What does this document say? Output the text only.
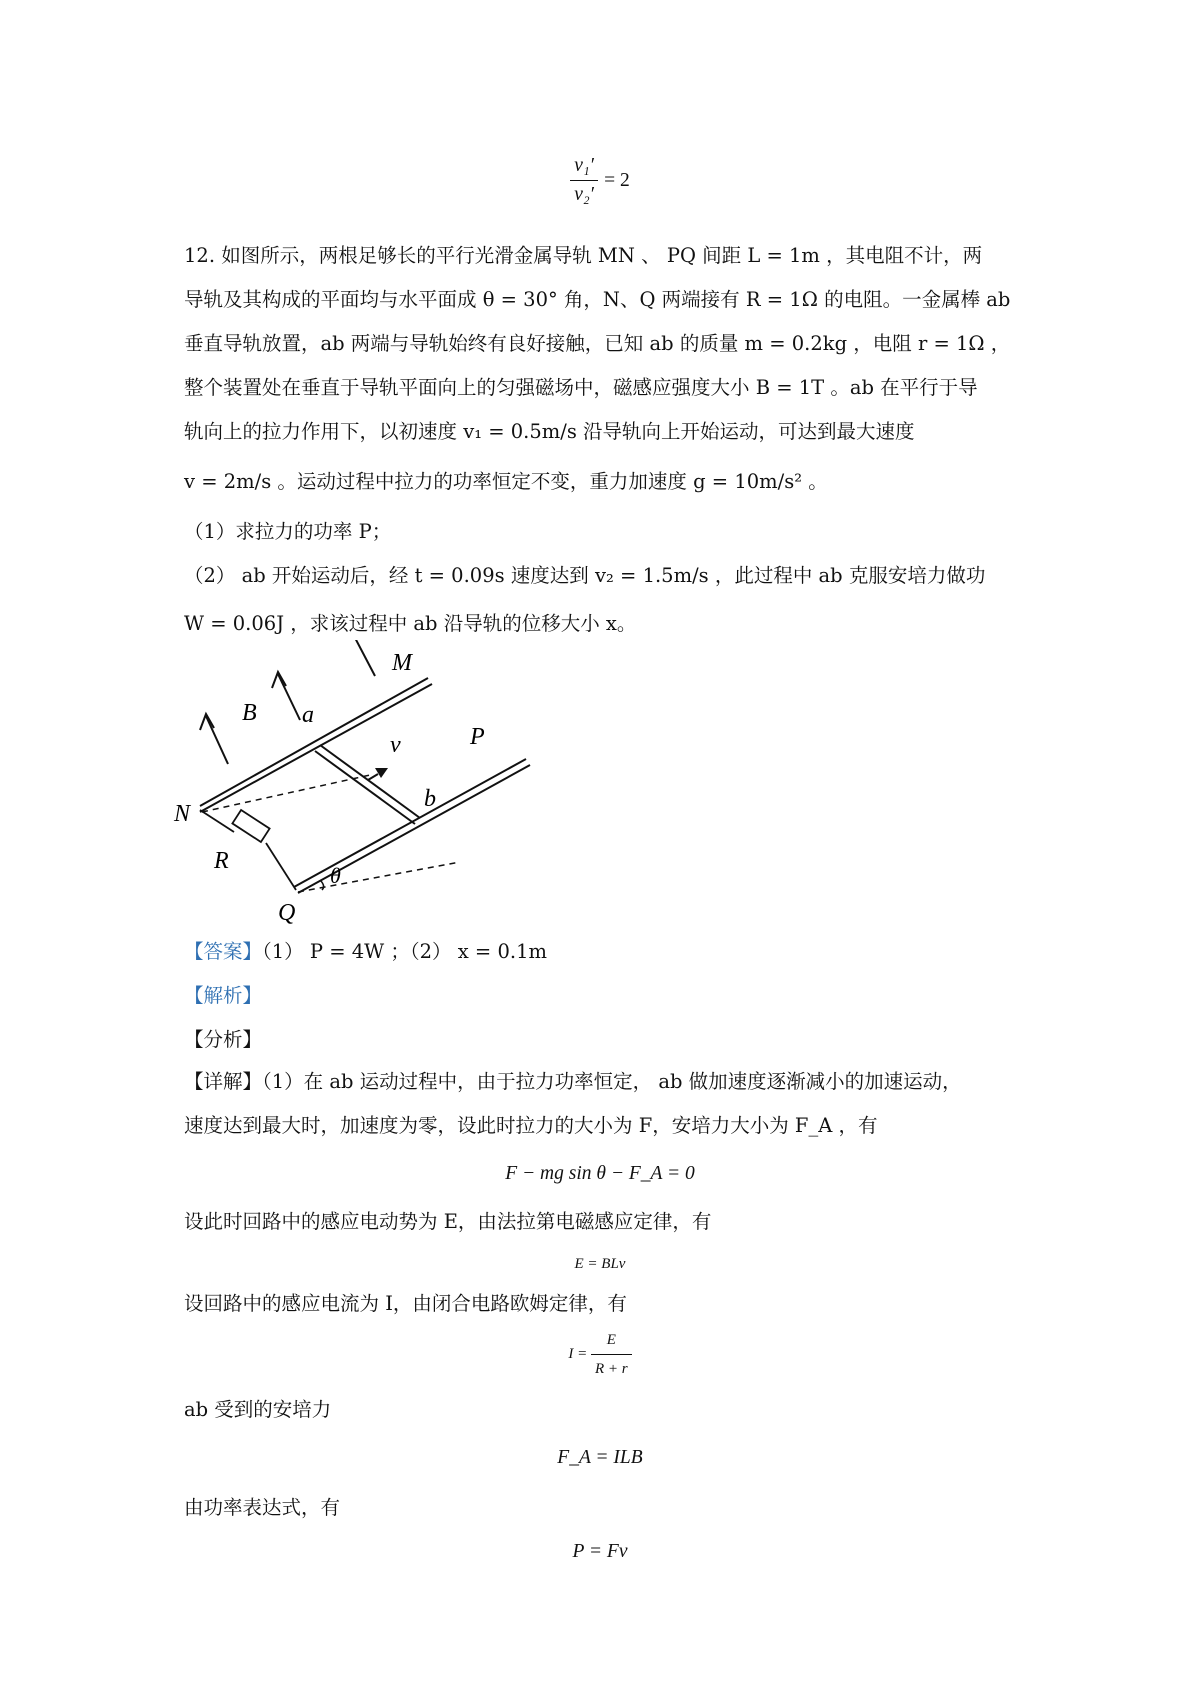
$\frac{\text{v₁′}}{\text{v₂′}} = 2$
12. 如图所示，两根足够长的平行光滑金属导轨 MN 、 PQ 间距 L = 1m ，其电阻不计，两
导轨及其构成的平面均与水平面成 θ = 30° 角，N、Q 两端接有 R = 1Ω 的电阻。一金属棒 ab
垂直导轨放置，ab 两端与导轨始终有良好接触，已知 ab 的质量 m = 0.2kg ，电阻 r = 1Ω ，
整个装置处在垂直于导轨平面向上的匀强磁场中，磁感应强度大小 B = 1T 。ab 在平行于导
轨向上的拉力作用下，以初速度 v₁ = 0.5m/s 沿导轨向上开始运动，可达到最大速度
v = 2m/s 。运动过程中拉力的功率恒定不变，重力加速度 g = 10m/s² 。
（1）求拉力的功率 P；
（2） ab 开始运动后，经 t = 0.09s 速度达到 v₂ = 1.5m/s ，此过程中 ab 克服安培力做功
W = 0.06J ，求该过程中 ab 沿导轨的位移大小 x。
M
P
N
Q
B a
b
v
R
θ
【答案】（1） P = 4W ；（2） x = 0.1m
【解析】
【分析】
【详解】（1）在 ab 运动过程中，由于拉力功率恒定， ab 做加速度逐渐减小的加速运动，
速度达到最大时，加速度为零，设此时拉力的大小为 F，安培力大小为 F_A ，有
F − mg sin θ − F_A = 0
设此时回路中的感应电动势为 E，由法拉第电磁感应定律，有
E = BLv
设回路中的感应电流为 I，由闭合电路欧姆定律，有
$I = \frac{E}{R + r}$
ab 受到的安培力
F_A = ILB
由功率表达式，有
P = Fv
